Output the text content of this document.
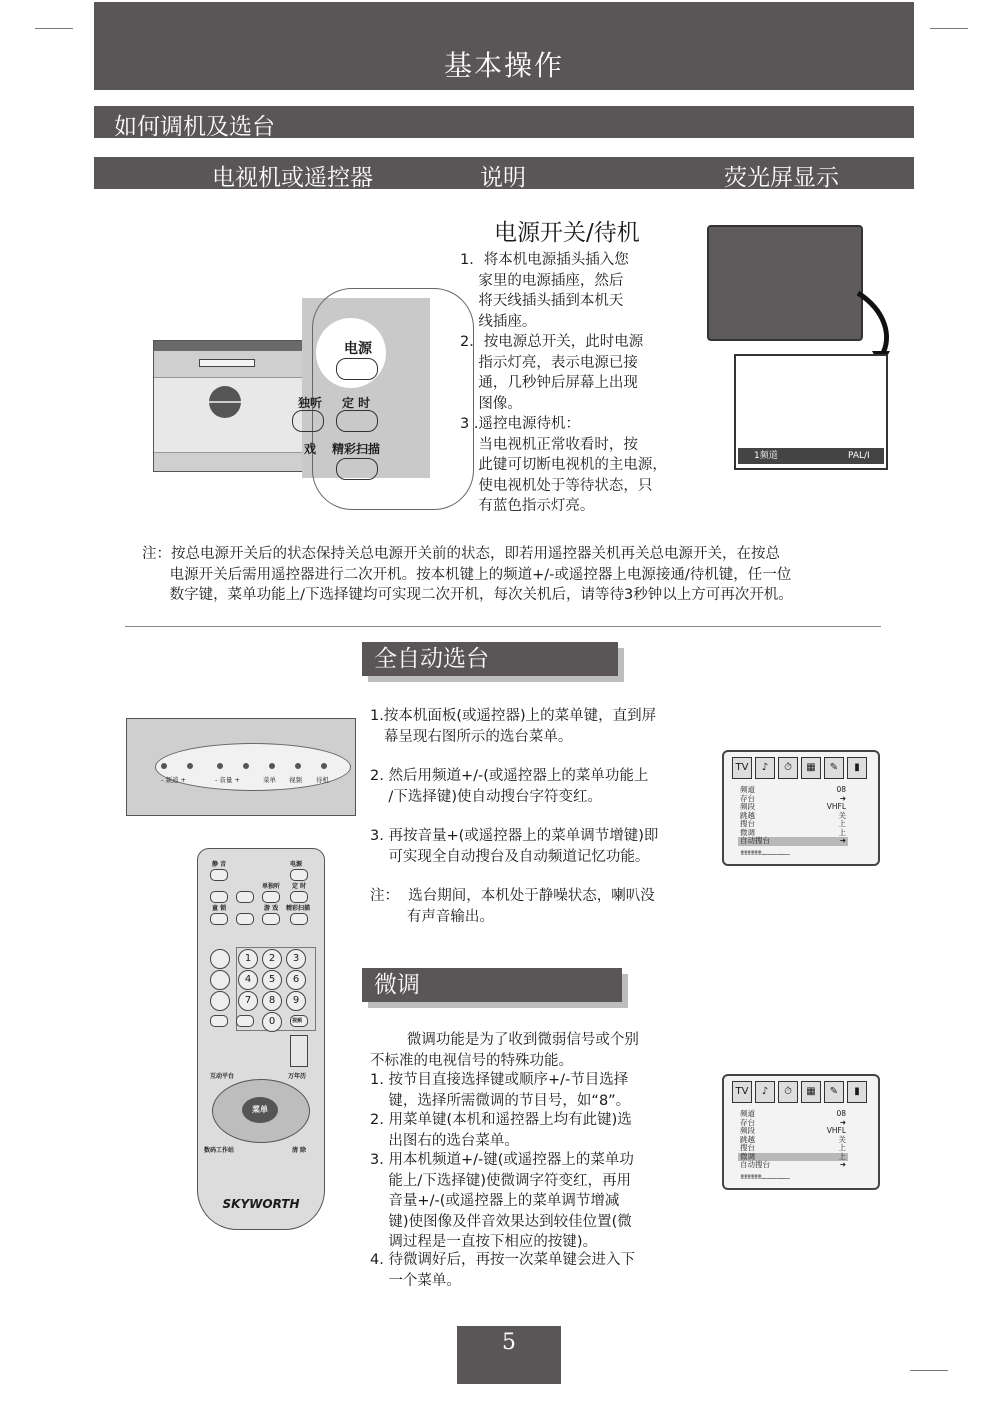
基本操作
如何调机及选台
电视机或遥控器	说明	荧光屏显示
电源
独听 定 时
戏 精彩扫描
电源开关/待机
1．将本机电源插头插入您
家里的电源插座，然后
将天线插头插到本机天
线插座。
2．按电源总开关，此时电源
指示灯亮，表示电源已接
通，几秒钟后屏幕上出现
图像。
3 .遥控电源待机：
当电视机正常收看时，按
此键可切断电视机的主电源，
使电视机处于等待状态，只
有蓝色指示灯亮。
1频道	PAL/I
注：按总电源开关后的状态保持关总电源开关前的状态，即若用遥控器关机再关总电源开关，在按总
电源开关后需用遥控器进行二次开机。按本机键上的频道+/-或遥控器上电源接通/待机键，任一位
数字键，菜单功能上/下选择键均可实现二次开机，每次关机后，请等待3秒钟以上方可再次开机。
全自动选台
- 频道 +	- 音量 +	菜单 视频 待机
1.按本机面板(或遥控器)上的菜单键，直到屏
幕呈现右图所示的选台菜单。
2. 然后用频道+/-(或遥控器上的菜单功能上
/下选择键)使自动搜台字符变红。
3. 再按音量+(或遥控器上的菜单调节增键)即
可实现全自动搜台及自动频道记忆功能。
注：  选台期间，本机处于静噪状态，喇叭没
有声音输出。
TV	♪	⏱	▦	✎	▮
频道	08
存台	➜
频段	VHFL
跳越	关
搜台	上
微调	上
自动搜台	➜
!!!!!!!!!!!!!!!...............................
静 音	电源
单独听 定 时
童 锁	游 戏 精彩扫描
1	2	3
4	5	6
7	8	9
0	视频
互动平台	万年历
菜单
数码工作站	清 除
SKYWORTH
微调
微调功能是为了收到微弱信号或个别
不标准的电视信号的特殊功能。
1. 按节目直接选择键或顺序+/-节目选择
键，选择所需微调的节目号，如“8”。
2. 用菜单键(本机和遥控器上均有此键)选
出图右的选台菜单。
3. 用本机频道+/-键(或遥控器上的菜单功
能上/下选择键)使微调字符变红，再用
音量+/-(或遥控器上的菜单调节增减
键)使图像及伴音效果达到较佳位置(微
调过程是一直按下相应的按键)。
4. 待微调好后，再按一次菜单键会进入下
一个菜单。
TV	♪	⏱	▦	✎	▮
频道	08
存台	➜
频段	VHFL
跳越	关
搜台	上
微调	上
自动搜台	➜
!!!!!!!!!!!!!!!...............................
5
